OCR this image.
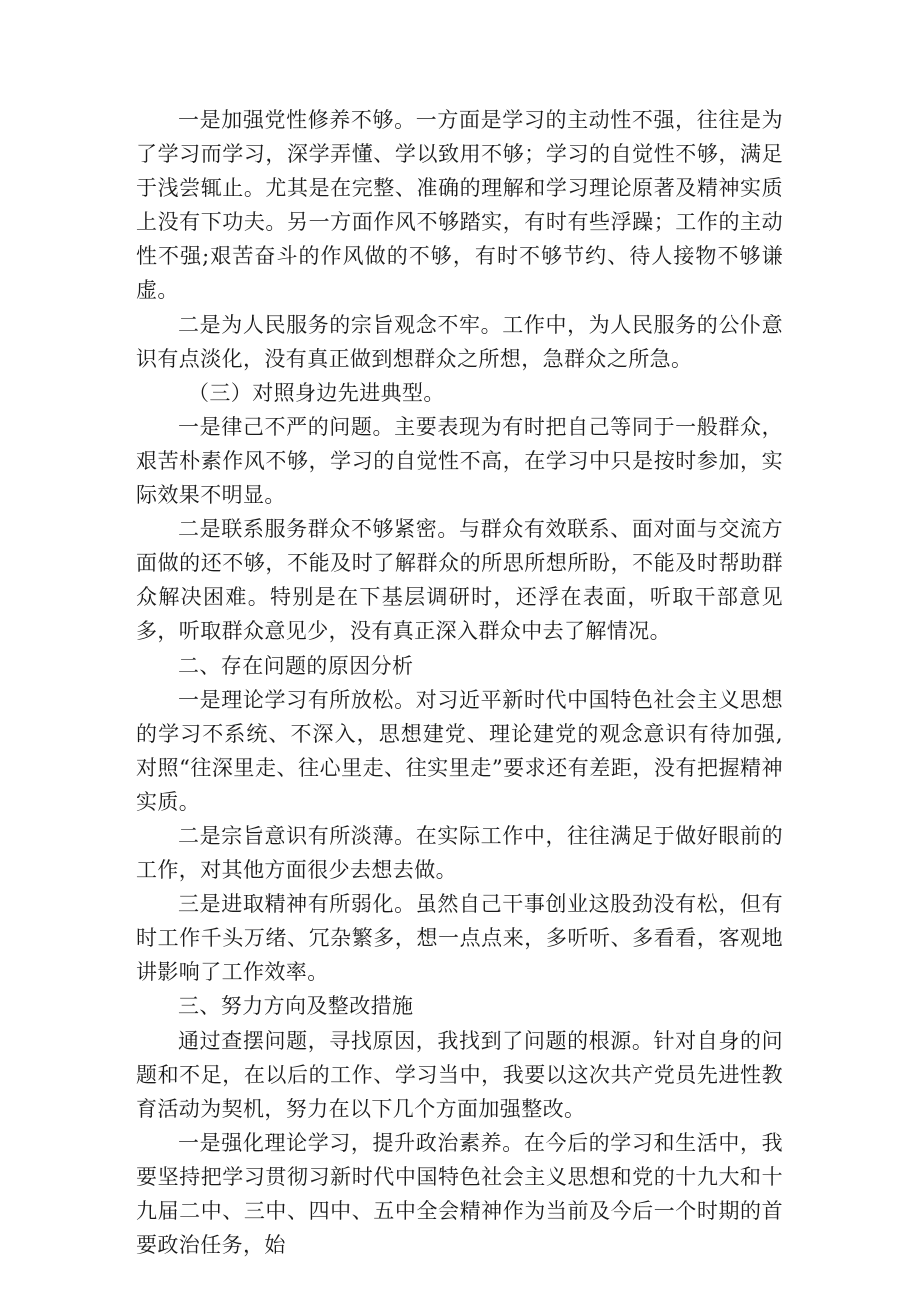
一是加强党性修养不够。一方面是学习的主动性不强，往往是为了学习而学习，深学弄懂、学以致用不够；学习的自觉性不够，满足于浅尝辄止。尤其是在完整、准确的理解和学习理论原著及精神实质上没有下功夫。另一方面作风不够踏实，有时有些浮躁；工作的主动性不强;艰苦奋斗的作风做的不够，有时不够节约、待人接物不够谦虚。

二是为人民服务的宗旨观念不牢。工作中，为人民服务的公仆意识有点淡化，没有真正做到想群众之所想，急群众之所急。

（三）对照身边先进典型。

一是律己不严的问题。主要表现为有时把自己等同于一般群众，艰苦朴素作风不够，学习的自觉性不高，在学习中只是按时参加，实际效果不明显。

二是联系服务群众不够紧密。与群众有效联系、面对面与交流方面做的还不够，不能及时了解群众的所思所想所盼，不能及时帮助群众解决困难。特别是在下基层调研时，还浮在表面，听取干部意见多，听取群众意见少，没有真正深入群众中去了解情况。

二、存在问题的原因分析

一是理论学习有所放松。对习近平新时代中国特色社会主义思想的学习不系统、不深入，思想建党、理论建党的观念意识有待加强,对照“往深里走、往心里走、往实里走”要求还有差距，没有把握精神实质。

二是宗旨意识有所淡薄。在实际工作中，往往满足于做好眼前的工作，对其他方面很少去想去做。

三是进取精神有所弱化。虽然自己干事创业这股劲没有松，但有时工作千头万绪、冗杂繁多，想一点点来，多听听、多看看，客观地讲影响了工作效率。

三、努力方向及整改措施

通过查摆问题，寻找原因，我找到了问题的根源。针对自身的问题和不足，在以后的工作、学习当中，我要以这次共产党员先进性教育活动为契机，努力在以下几个方面加强整改。

一是强化理论学习，提升政治素养。在今后的学习和生活中，我要坚持把学习贯彻习新时代中国特色社会主义思想和党的十九大和十九届二中、三中、四中、五中全会精神作为当前及今后一个时期的首要政治任务，始
